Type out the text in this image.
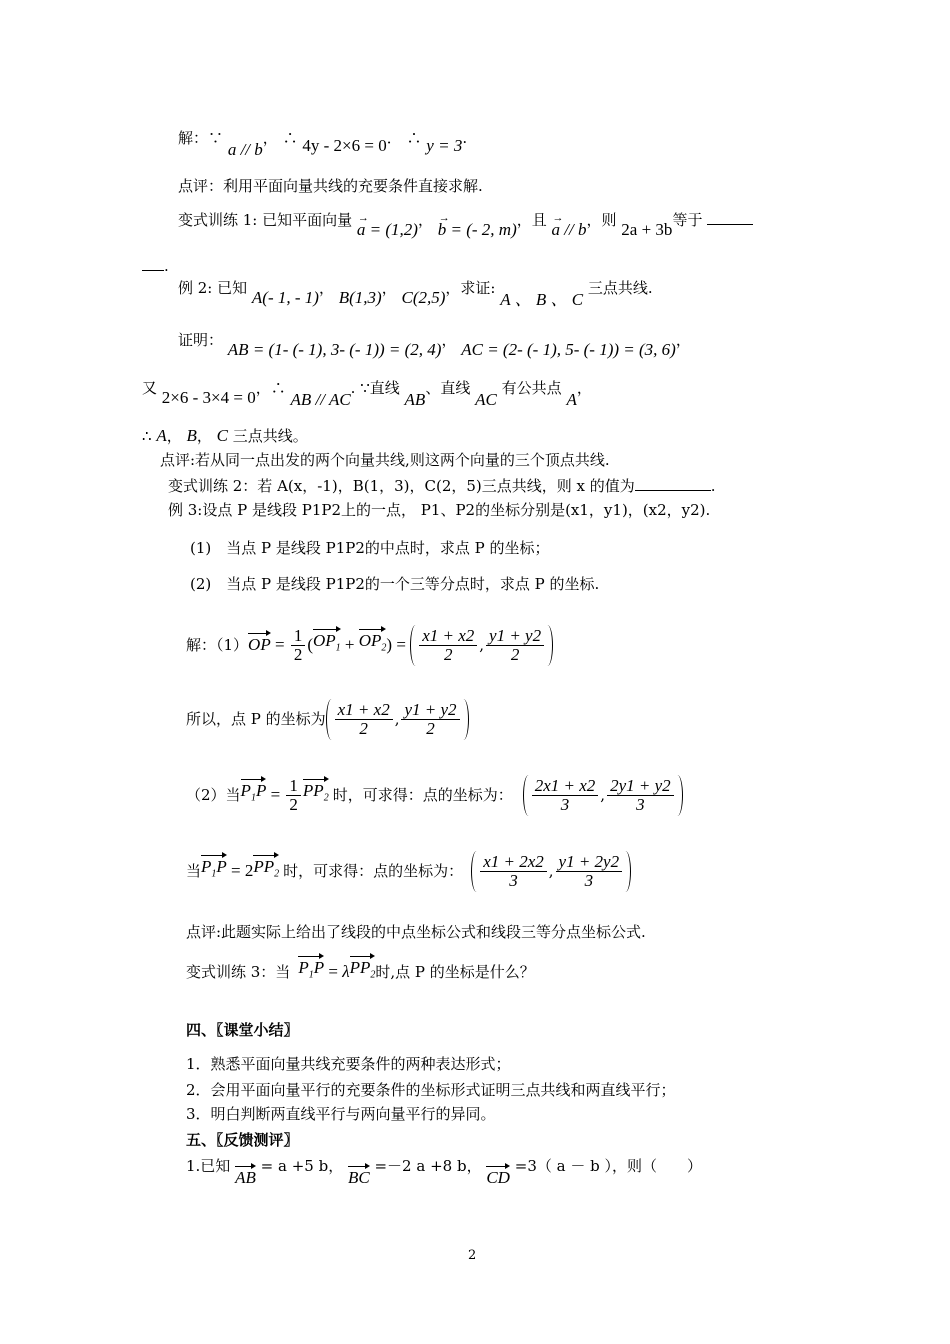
解：∵ a // b， ∴ 4y - 2×6 = 0． ∴ y = 3.
点评：利用平面向量共线的充要条件直接求解.
变式训练 1: 已知平面向量 a = (1,2) →， b = (- 2, m) →，且 a // b →，则 2a + 3b等于
.
例 2: 已知 A(- 1, - 1)， B(1,3)， C(2,5)，求证: A 、 B 、 C 三点共线.
证明： AB = (1- (- 1), 3- (- 1)) = (2, 4)， AC = (2- (- 1), 5- (- 1)) = (3, 6)，
又 2×6 - 3×4 = 0，∴ AB // AC. ∵直线 AB、直线 AC 有公共点 A，
∴ A， B， C 三点共线。
点评:若从同一点出发的两个向量共线,则这两个向量的三个顶点共线.
变式训练 2：若 A(x，-1)，B(1，3)，C(2，5)三点共线，则 x 的值为	.
例 3:设点 P 是线段 P1P2上的一点， P1、P2的坐标分别是(x1，y1)，(x2，y2).
(1)　当点 P 是线段 P1P2的中点时，求点 P 的坐标；
(2)　当点 P 是线段 P1P2的一个三等分点时，求点 P 的坐标.
解：（1） OP = $\frac{1}{2}$ ( $OP_1 + OP_2$ ) = $\frac{x1 + x2}{2}$ , $\frac{y1 + y2}{2}$
所以，点 P 的坐标为 $\frac{x1 + x2}{2}$ , $\frac{y1 + y2}{2}$
（2）当 $P_1P = \frac{1}{2} PP_2$ 时，可求得：点的坐标为： $\frac{2x1 + x2}{3}$ , $\frac{2y1 + y2}{3}$
当 $P_1P = 2$ $PP_2$ 时，可求得：点的坐标为： $\frac{x1 + 2x2}{3}$ , $\frac{y1 + 2y2}{3}$
点评:此题实际上给出了线段的中点坐标公式和线段三等分点坐标公式.
变式训练 3：当 $P_1P = \lambda$ $PP_2$ 时,点 P 的坐标是什么？
四、〖课堂小结〗
1．熟悉平面向量共线充要条件的两种表达形式；
2．会用平面向量平行的充要条件的坐标形式证明三点共线和两直线平行；
3．明白判断两直线平行与两向量平行的异同。
五、〖反馈测评〗
1.已知 AB = a +5 b， BC =－2 a +8 b， CD =3（ a － b ），则（　　）
2
